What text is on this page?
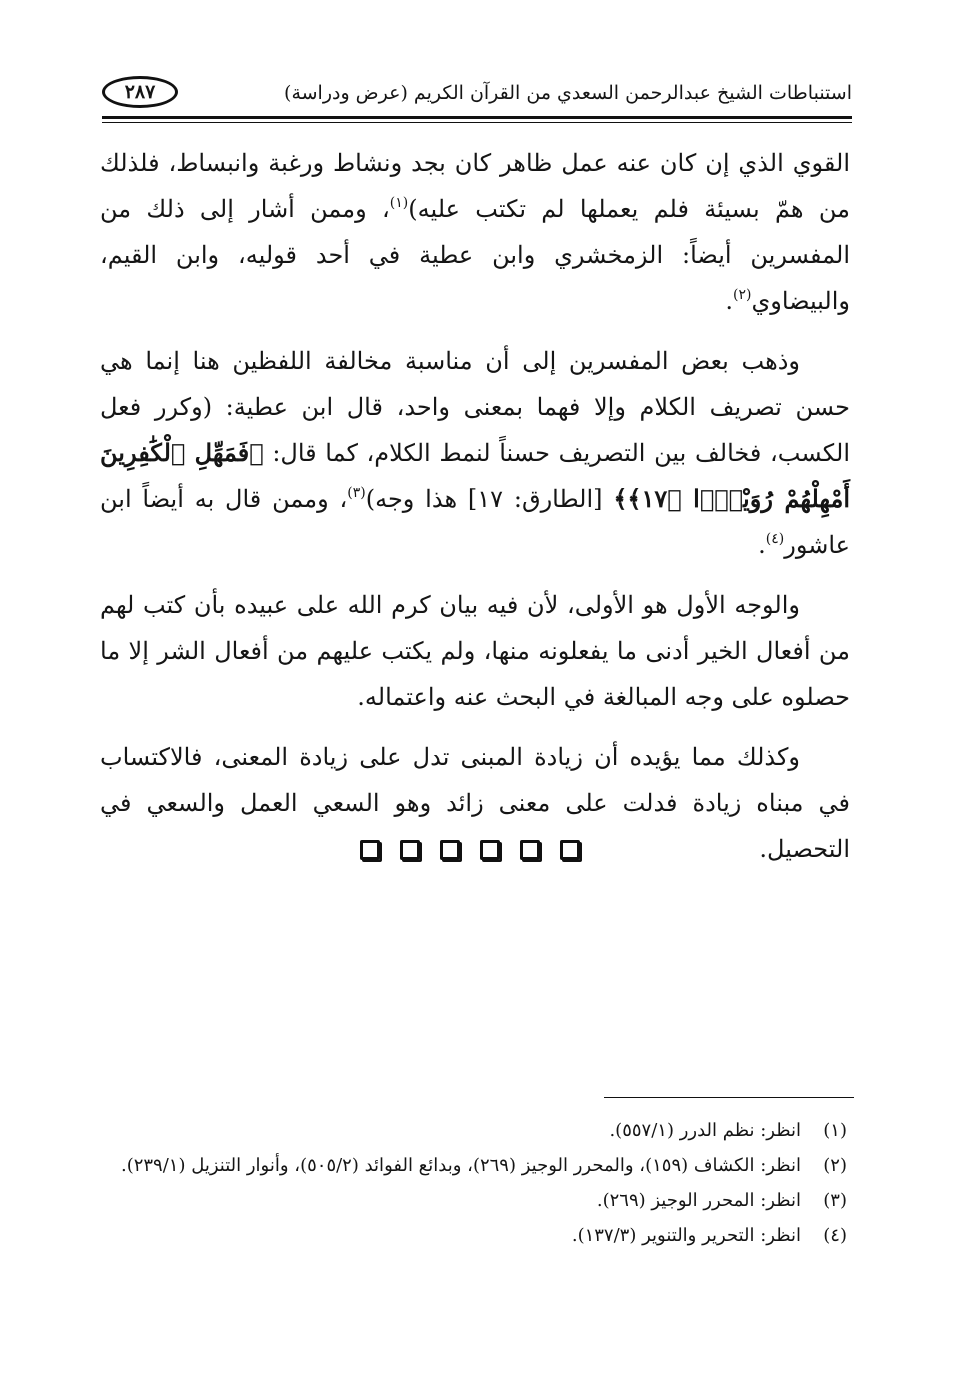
٢٨٧	استنباطات الشيخ عبدالرحمن السعدي من القرآن الكريم (عرض ودراسة)

القوي الذي إن كان عنه عمل ظاهر كان بجد ونشاط ورغبة وانبساط، فلذلك من همّ بسيئة فلم يعملها لم تكتب عليه)$^{(١)}$، وممن أشار إلى ذلك من المفسرين أيضاً: الزمخشري وابن عطية في أحد قوليه، وابن القيم، والبيضاوي$^{(٢)}$.

وذهب بعض المفسرين إلى أن مناسبة مخالفة اللفظين هنا إنما هي حسن تصريف الكلام وإلا فهما بمعنى واحد، قال ابن عطية: (وكرر فعل الكسب، فخالف بين التصريف حسناً لنمط الكلام، كما قال: ﴿فَمَهِّلِ ٱلْكَٰفِرِينَ أَمْهِلْهُمْ رُوَيْدًۢا ﴿١٧﴾﴾ [الطارق: ١٧] هذا وجه)$^{(٣)}$، وممن قال به أيضاً ابن عاشور$^{(٤)}$.

والوجه الأول هو الأولى، لأن فيه بيان كرم الله على عبيده بأن كتب لهم من أفعال الخير أدنى ما يفعلونه منها، ولم يكتب عليهم من أفعال الشر إلا ما حصلوه على وجه المبالغة في البحث عنه واعتماله.

وكذلك مما يؤيده أن زيادة المبنى تدل على زيادة المعنى، فالاكتساب في مبناه زيادة فدلت على معنى زائد وهو السعي العمل والسعي في التحصيل.

(١)
انظر: نظم الدرر (٥٥٧/١).
(٢)
انظر: الكشاف (١٥٩)، والمحرر الوجيز (٢٦٩)، وبدائع الفوائد (٥٠٥/٢)، وأنوار التنزيل (٢٣٩/١).
(٣)
انظر: المحرر الوجيز (٢٦٩).
(٤)
انظر: التحرير والتنوير (١٣٧/٣).
